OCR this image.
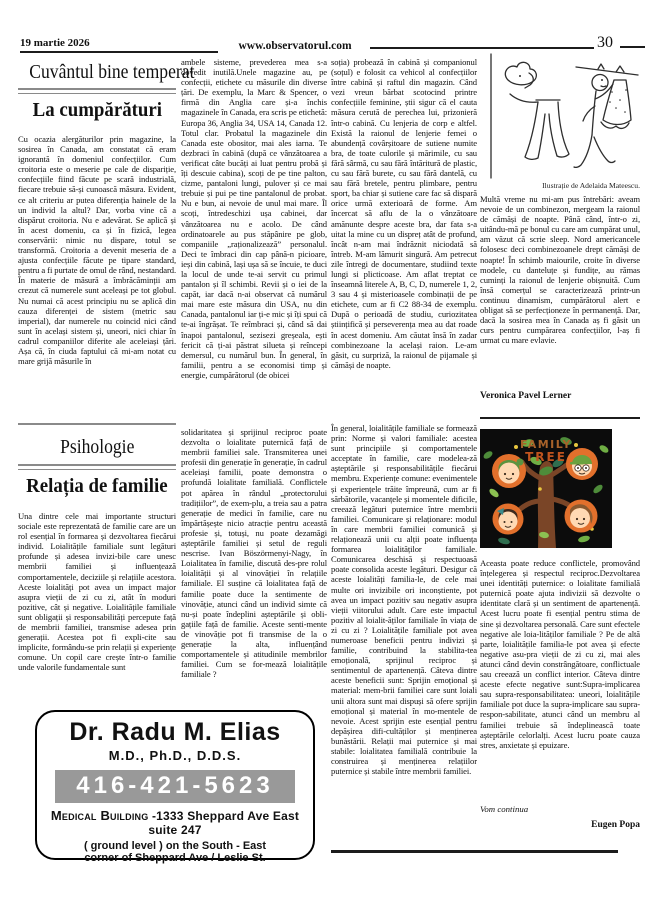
19 martie 2026	www.observatorul.com	30
Cuvântul bine temperat
La cumpărături
Cu ocazia alergăturilor prin magazine, la sosirea în Canada, am constatat că eram ignorantă în domeniul confecțiilor. Cum croitoria este o meserie pe cale de dispariție, confecțiile fiind făcute pe scară industrială, fiecare trebuie să-și cunoască măsura. Evident, ce alt criteriu ar putea diferenția hainele de la un individ la altul? Dar, vorba vine că a dispărut croitoria. Nu e adevărat. Se aplică și în acest domeniu, ca și în fizică, legea conservării: nimic nu dispare, totul se transformă. Croitoria a devenit meseria de a ajusta confecțiile făcute pe tipare standard, pentru a fi purtate de omul de rând, nestandard. În materie de măsură a îmbrăcăminții am crezut că numerele sunt aceleași pe tot globul. Nu numai că acest principiu nu se aplică din cauza diferenței de sistem (metric sau imperial), dar numerele nu coincid nici când sunt în același sistem și, uneori, nici chiar în cadrul companiilor diferite ale aceleiași țări. Așa că, în ciuda faptului că mi-am notat cu mare grijă măsurile în
Psihologie
Relația de familie
Una dintre cele mai importante structuri sociale este reprezentată de familie care are un rol esențial în formarea și dezvoltarea fiecărui individ. Loialitățile familiale sunt legături profunde și adesea invizi-bile care unesc membrii familiei și influențează comportamentele, deciziile și relațiile acestora. Aceste loialități pot avea un impact major asupra vieții de zi cu zi, atât în moduri pozitive, cât și negative. Loialitățile familiale sunt obligații și responsabilități percepute față de membrii familiei, transmise adesea prin generații. Acestea pot fi expli-cite sau implicite, formându-se prin relații și experiențe comune. Un copil care crește într-o familie unde valorile fundamentale sunt
ambele sisteme, prevederea mea s-a dovedit inutilă.Unele magazine au, pe confecții, etichete cu măsurile din diverse țări. De exemplu, la Marc & Spencer, o firmă din Anglia care și-a închis magazinele în Canada, era scris pe etichetă: Europa 36, Anglia 34, USA 14, Canada 12. Totul clar. Probatul la magazinele din Canada este obositor, mai ales iarna. Te dezbraci în cabină (după ce vânzătoarea a verificat câte bucăți ai luat pentru probă și îți descuie cabina), scoți de pe tine palton, cizme, pantaloni lungi, pulover și ce mai trebuie și pui pe tine pantalonul de probat. Nu e bun, ai nevoie de unul mai mare. Îl scoți, întredeschizi ușa cabinei, dar vânzătoarea nu e acolo. De când ordinatoarele au pus stăpânire pe glob, companiile „raționalizează” personalul. Deci te îmbraci din cap până-n picioare, ieși din cabină, lași ușa să se încuie, te duci la locul de unde te-ai servit cu primul pantalon și îl schimbi. Revii și o iei de la capăt, iar dacă n-ai observat că numărul mai mare este măsura din USA, nu din Canada, pantalonul iar ți-e mic și îți spui că te-ai îngrășat. Te reîmbraci și, când să dai înapoi pantalonul, sezisezi greșeala, ești fericit că ți-ai păstrat silueta și reîncepi demersul, cu numărul bun. În general, în familii, pentru a se economisi timp și energie, cumpărătorul (de obicei
solidaritatea și sprijinul reciproc poate dezvolta o loialitate puternică față de membrii familiei sale. Transmiterea unei profesii din generație în generație, în cadrul aceleiași familii, poate demonstra o profundă loialitate familială. Conflictele pot apărea în rândul „protectorului tradițiilor”, de exem-plu, a treia sau a patra generație de medici în familie, care nu împărtășește nicio atracție pentru această profesie și, totuși, nu poate dezamăgi așteptările familiei și setul de reguli nescrise. Ivan Böszörmenyi-Nagy, în Loialitatea în familie, discută des-pre rolul loialității și al vinovăției în relațiile familiale. El susține că loialitatea față de familie poate duce la sentimente de vinovăție, atunci când un individ simte că nu-și poate îndeplini așteptările și obli-gațiile față de familie. Aceste senti-mente de vinovăție pot fi transmise de la o generație la alta, influențând comportamentele și atitudinile membrilor familiei. Cum se for-mează loialitățile familiale ?
soția) probează în cabină și companionul (soțul) e folosit ca vehicol al confecțiilor între cabină și raftul din magazin. Când vezi vreun bărbat scotocind printre confecțiile feminine, știi sigur că el cauta măsura cerută de perechea lui, prizonieră într-o cabină. Cu lenjeria de corp e altfel. Există la raionul de lenjerie femei o abundență covârșitoare de sutiene numite bra, de toate culorile și mărimile, cu sau fără sârmă, cu sau fără întăritură de plastic, cu sau fără burete, cu sau fără dantelă, cu sau fără bretele, pentru plimbare, pentru sport, ba chiar și sutiene care fac să dispară orice urmă exterioară de forme. Am încercat să aflu de la o vânzătoare amănunte despre aceste bra, dar fata s-a uitat la mine cu un dispreț atât de profund, încât n-am mai îndrăznit niciodată să întreb. M-am lămurit singură. Am petrecut zile întregi de documentare, studiind texte lungi si plicticoase. Am aflat treptat ce înseamnă literele A, B, C, D, numerele 1, 2, 3 sau 4 și misterioasele combinații de pe etichete, cum ar fi C2 88-34 de exemplu. După o perioadă de studiu, curiozitatea științifică și perseverența mea au dat roade în acest domeniu. Am căutat însă în zadar combinezoane la același raion. Le-am găsit, cu surpriză, la raionul de pijamale și cămăși de noapte.
În general, loialitățile familiale se formează prin: Norme și valori familiale: acestea sunt principiile și comportamentele acceptate în familie, care modelea-ză așteptările și responsabilitățile fiecărui membru. Experiențe comune: evenimentele și experiențele trăite împreună, cum ar fi sărbătorile, vacanțele și momentele dificile, creează legături puternice între membrii familiei. Comunicare și relaționare: modul în care membrii familiei comunică și relaționează unii cu alții poate influența formarea loialităților familiale. Comunicarea deschisă și respectuoasă poate consolida aceste legături. Desigur că aceste loialități familia-le, de cele mai multe ori invizibile ori inconștiente, pot avea un impact pozitiv sau negativ asupra vieții viitorului adult. Care este impactul pozitiv al loialit-ăților familiale în viața de zi cu zi ? Loialitățile familiale pot avea numeroase beneficii pentru indivizi și familie, contribuind la stabilita-tea emoțională, sprijinul reciproc și sentimentul de apartenență. Câteva dintre aceste beneficii sunt: Sprijin emoțional și material: mem-brii familiei care sunt loiali unii altora sunt mai dispuși să ofere sprijin emoțional și material în mo-mentele de nevoie. Acest sprijin este esențial pentru depășirea difi-cultăților și menținerea bunăstării. Relații mai puternice și mai stabile: loialitatea familială contribuie la construirea și menținerea relațiilor puternice și stabile între membrii familiei.
Ilustrație de Adelaida Mateescu.
Multă vreme nu mi-am pus întrebări: aveam nevoie de un combinezon, mergeam la raionul de cămăși de noapte. Până când, într-o zi, uitându-mă pe bonul cu care am cumpărat unul, am văzut că scrie sleep. Nord americancele folosesc deci combinezoanele drept cămăși de noapte! În schimb maiourile, croite în diverse modele, cu danteluțe și fundițe, au rămas cuminți la raionul de lenjerie obișnuită. Cum însă comerțul se caracterizează printr-un continuu dinamism, cumpărătorul alert e obligat să se perfecționeze în permanență. Dar, dacă la sosirea mea în Canada aș fi găsit un curs pentru cumpărarea confecțiilor, l-aș fi urmat cu mare evlavie.
Veronica Pavel Lerner
FAMILY
TREE
Aceasta poate reduce conflictele, promovând înțelegerea și respectul reciproc.Dezvoltarea unei identități puternice: o loialitate familială puternică poate ajuta indivizii să dezvolte o identitate clară și un sentiment de apartenență. Acest lucru poate fi esențial pentru stima de sine și dezvoltarea personală. Care sunt efectele negative ale loia-lităților familiale ? Pe de altă parte, loialitățile familia-le pot avea și efecte negative asu-pra vieții de zi cu zi, mai ales atunci când devin constrângătoare, conflictuale sau creează un conflict interior. Câteva dintre aceste efecte negative sunt:Supra-implicarea sau supra-responsabilitatea: uneori, loialitățile familiale pot duce la supra-implicare sau supra-respon-sabilitate, atunci când un membru al familiei trebuie să îndeplinească toate așteptările celorlalți. Acest lucru poate cauza stres, anxietate și epuizare.
Vom continua
Eugen Popa
Dr. Radu M. Elias
M.D., Ph.D., D.D.S.
416-421-5623
Medical Building -1333 Sheppard Ave East suite 247
( ground level ) on the South - East
corner of Sheppard Ave / Leslie St.
